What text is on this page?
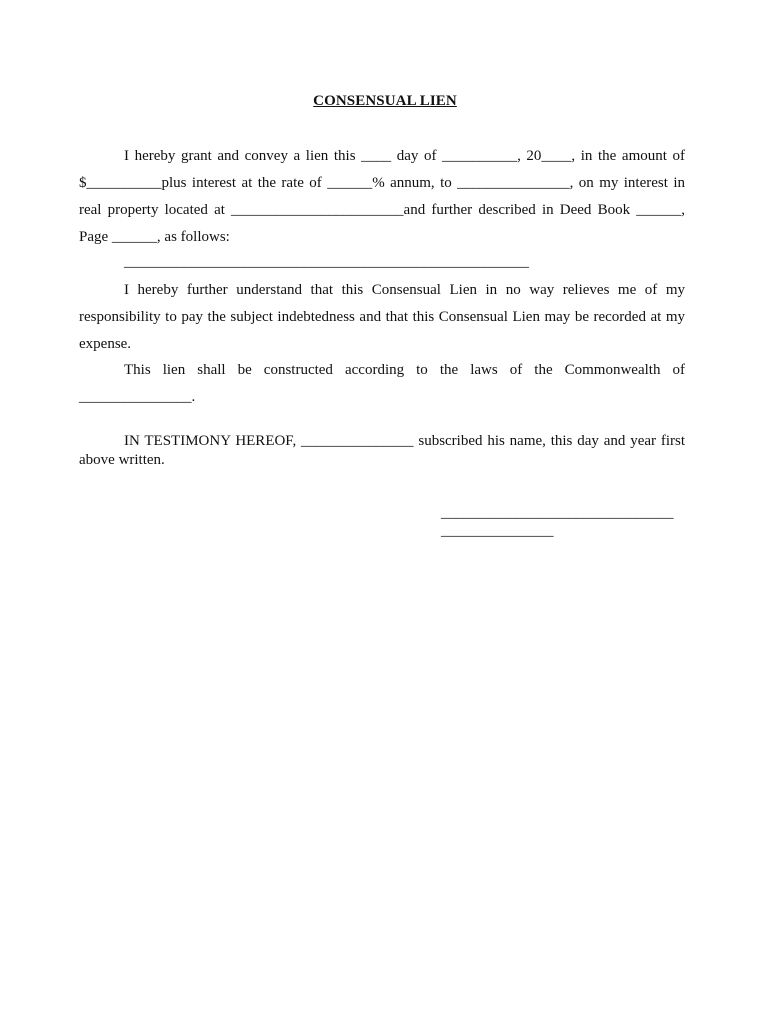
CONSENSUAL LIEN
I hereby grant and convey a lien this ____ day of __________, 20____, in the amount of $__________plus interest at the rate of ______% annum, to _______________, on my interest in real property located at _______________________and further described in Deed Book ______, Page ______, as follows:
______________________________________________________
I hereby further understand that this Consensual Lien in no way relieves me of my responsibility to pay the subject indebtedness and that this Consensual Lien may be recorded at my expense.
This lien shall be constructed according to the laws of the Commonwealth of _______________.
IN TESTIMONY HEREOF, _______________ subscribed his name, this day and year first above written.
_______________________________
_______________
